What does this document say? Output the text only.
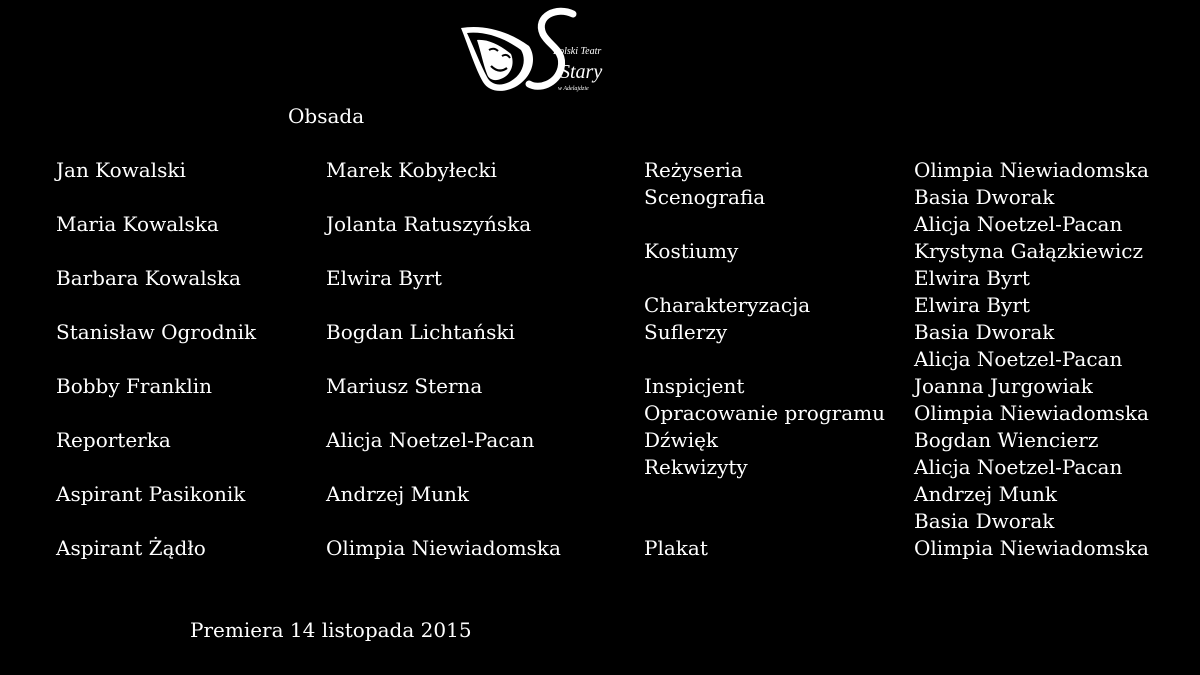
Polski Teatr
Stary
w Adelajdzie
Obsada
Jan Kowalski
Maria Kowalska
Barbara Kowalska
Stanisław Ogrodnik
Bobby Franklin
Reporterka
Aspirant Pasikonik
Aspirant Żądło
Marek Kobyłecki
Jolanta Ratuszyńska
Elwira Byrt
Bogdan Lichtański
Mariusz Sterna
Alicja Noetzel-Pacan
Andrzej Munk
Olimpia Niewiadomska
Reżyseria
Scenografia
Kostiumy
Charakteryzacja
Suflerzy
Inspicjent
Opracowanie programu
Dźwięk
Rekwizyty
Plakat
Olimpia Niewiadomska
Basia Dworak
Alicja Noetzel-Pacan
Krystyna Gałązkiewicz
Elwira Byrt
Elwira Byrt
Basia Dworak
Alicja Noetzel-Pacan
Joanna Jurgowiak
Olimpia Niewiadomska
Bogdan Wiencierz
Alicja Noetzel-Pacan
Andrzej Munk
Basia Dworak
Olimpia Niewiadomska
Premiera 14 listopada 2015
